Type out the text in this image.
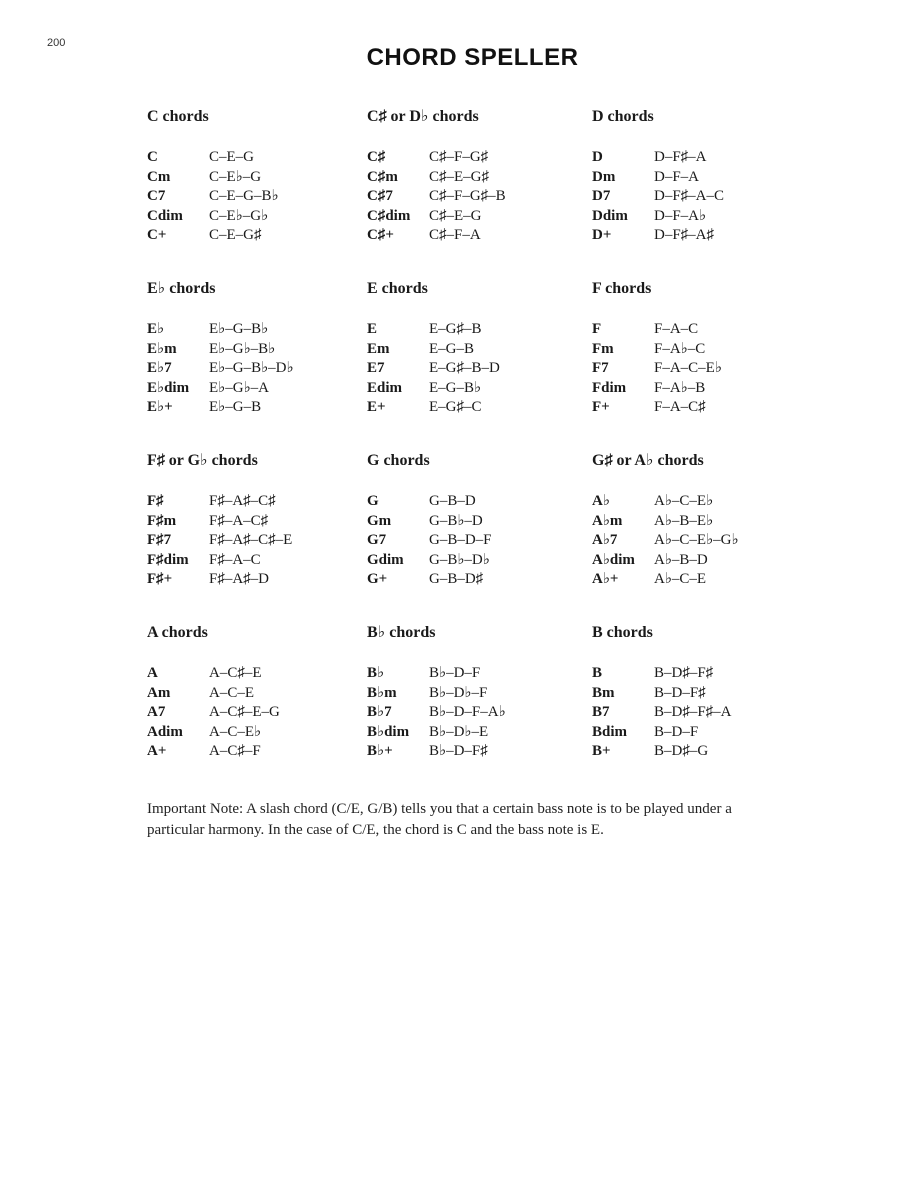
200
CHORD SPELLER
C chords
C	C–E–G
Cm	C–E♭–G
C7	C–E–G–B♭
Cdim	C–E♭–G♭
C+	C–E–G♯
C♯ or D♭ chords
C♯	C♯–F–G♯
C♯m	C♯–E–G♯
C♯7	C♯–F–G♯–B
C♯dim	C♯–E–G
C♯+	C♯–F–A
D chords
D	D–F♯–A
Dm	D–F–A
D7	D–F♯–A–C
Ddim	D–F–A♭
D+	D–F♯–A♯
E♭ chords
E♭	E♭–G–B♭
E♭m	E♭–G♭–B♭
E♭7	E♭–G–B♭–D♭
E♭dim	E♭–G♭–A
E♭+	E♭–G–B
E chords
E	E–G♯–B
Em	E–G–B
E7	E–G♯–B–D
Edim	E–G–B♭
E+	E–G♯–C
F chords
F	F–A–C
Fm	F–A♭–C
F7	F–A–C–E♭
Fdim	F–A♭–B
F+	F–A–C♯
F♯ or G♭ chords
F♯	F♯–A♯–C♯
F♯m	F♯–A–C♯
F♯7	F♯–A♯–C♯–E
F♯dim	F♯–A–C
F♯+	F♯–A♯–D
G chords
G	G–B–D
Gm	G–B♭–D
G7	G–B–D–F
Gdim	G–B♭–D♭
G+	G–B–D♯
G♯ or A♭ chords
A♭	A♭–C–E♭
A♭m	A♭–B–E♭
A♭7	A♭–C–E♭–G♭
A♭dim	A♭–B–D
A♭+	A♭–C–E
A chords
A	A–C♯–E
Am	A–C–E
A7	A–C♯–E–G
Adim	A–C–E♭
A+	A–C♯–F
B♭ chords
B♭	B♭–D–F
B♭m	B♭–D♭–F
B♭7	B♭–D–F–A♭
B♭dim	B♭–D♭–E
B♭+	B♭–D–F♯
B chords
B	B–D♯–F♯
Bm	B–D–F♯
B7	B–D♯–F♯–A
Bdim	B–D–F
B+	B–D♯–G
Important Note: A slash chord (C/E, G/B) tells you that a certain bass note is to be played under a particular harmony. In the case of C/E, the chord is C and the bass note is E.
